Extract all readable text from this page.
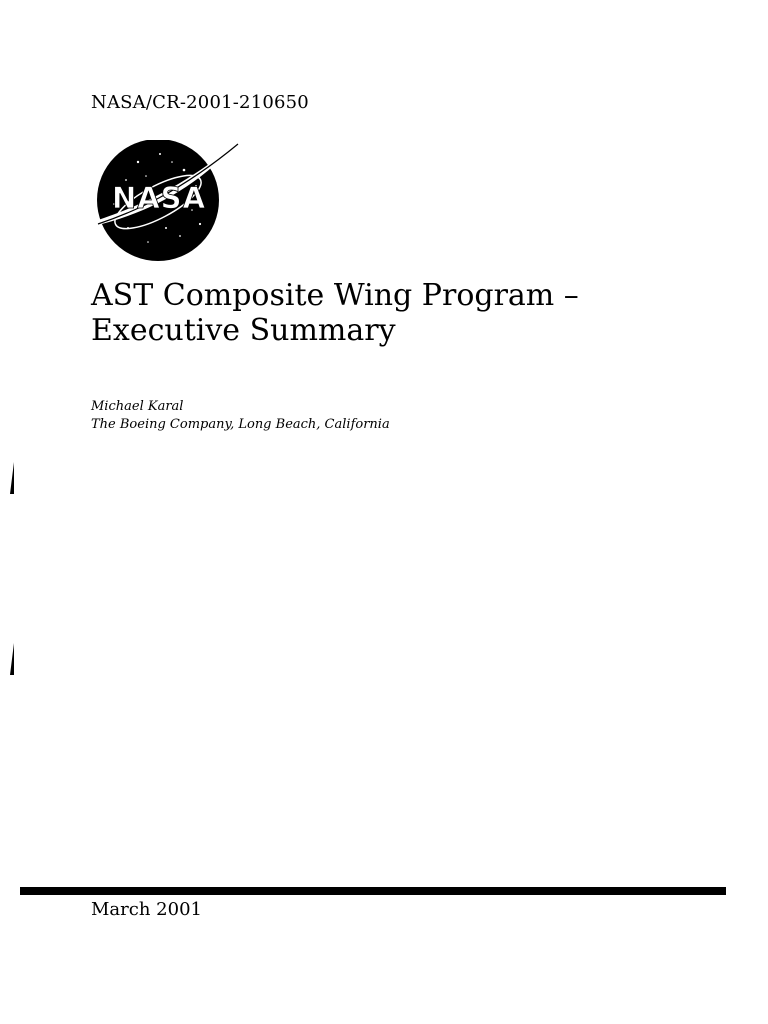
NASA/CR-2001-210650
NASA
AST Composite Wing Program –
Executive Summary
Michael Karal
The Boeing Company, Long Beach, California
March 2001
